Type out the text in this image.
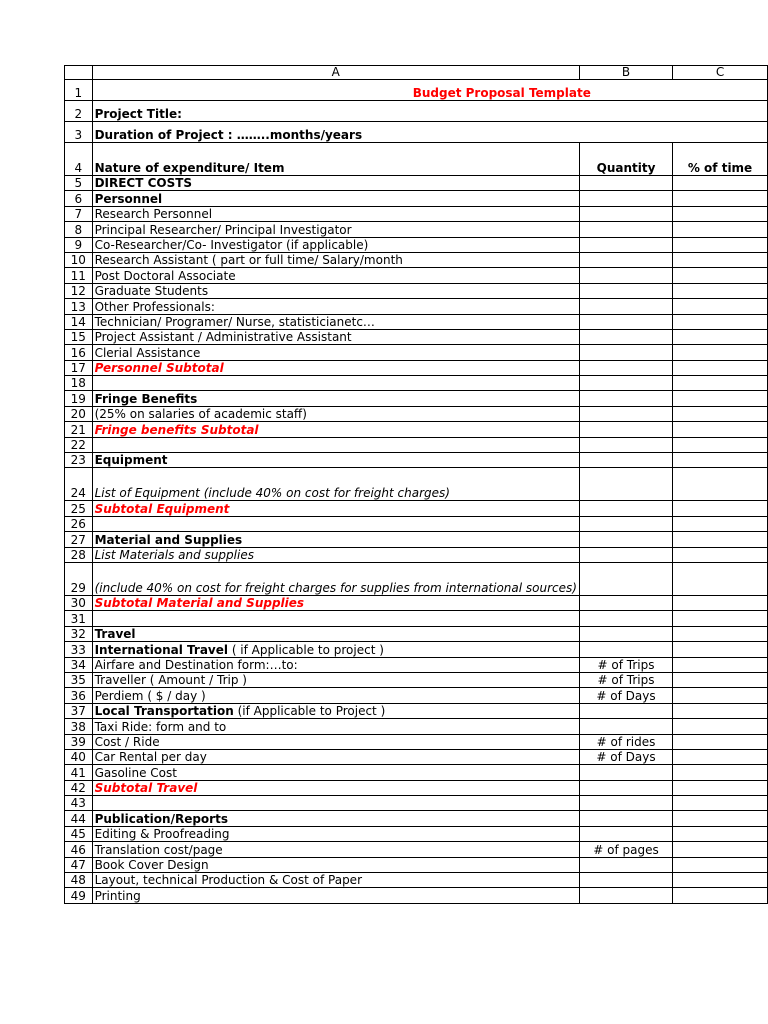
	A	B	C
1	Budget Proposal Template		
2	Project Title:		
3	Duration of Project : ……..months/years		
4	Nature of expenditure/ Item	Quantity	% of time
5	DIRECT COSTS		
6	Personnel		
7	Research Personnel		
8	Principal Researcher/ Principal Investigator		
9	Co-Researcher/Co- Investigator (if applicable)		
10	Research Assistant ( part or full time/ Salary/month		
11	Post Doctoral Associate		
12	Graduate Students		
13	Other Professionals:		
14	Technician/ Programer/ Nurse, statisticianetc…		
15	Project Assistant / Administrative Assistant		
16	Clerial Assistance		
17	Personnel Subtotal		
18			
19	Fringe Benefits		
20	(25% on salaries of academic staff)		
21	Fringe benefits Subtotal		
22			
23	Equipment		
24	List of Equipment (include 40% on cost for freight charges)		
25	Subtotal Equipment		
26			
27	Material and Supplies		
28	List Materials and supplies		
29	(include 40% on cost for freight charges for supplies from international sources)		
30	Subtotal Material and Supplies		
31			
32	Travel		
33	International Travel ( if Applicable to project )		
34	Airfare and Destination form:…to:	# of Trips	
35	Traveller ( Amount / Trip )	# of Trips	
36	Perdiem ( $ / day )	# of Days	
37	Local Transportation (if Applicable to Project )		
38	Taxi Ride: form and to		
39	Cost / Ride	# of rides	
40	Car Rental per day	# of Days	
41	Gasoline Cost		
42	Subtotal Travel		
43			
44	Publication/Reports		
45	Editing & Proofreading		
46	Translation cost/page	# of pages	
47	Book Cover Design		
48	Layout, technical Production & Cost of Paper		
49	Printing		
